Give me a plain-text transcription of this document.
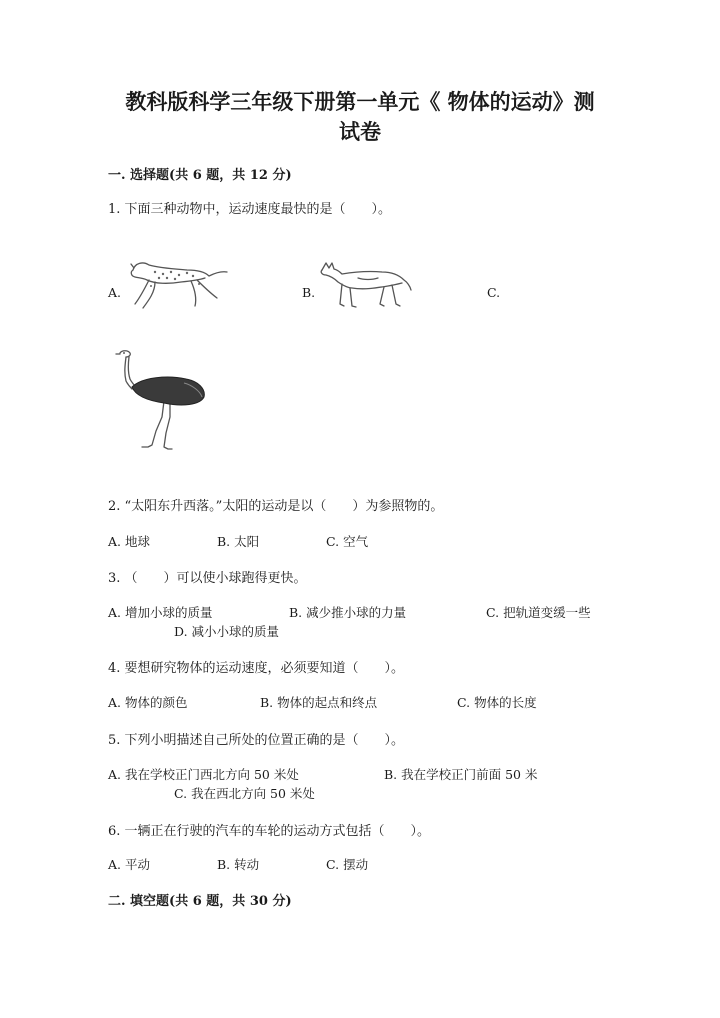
教科版科学三年级下册第一单元《 物体的运动》测
试卷
一. 选择题(共 6 题，共 12 分)
1. 下面三种动物中，运动速度最快的是（　　）。
A.	B.	C.
2. “太阳东升西落。”太阳的运动是以（　　）为参照物的。
A. 地球	B. 太阳	C. 空气
3. （　　）可以使小球跑得更快。
A. 增加小球的质量	B. 减少推小球的力量	C. 把轨道变缓一些
D. 减小小球的质量
4. 要想研究物体的运动速度，必须要知道（　　）。
A. 物体的颜色	B. 物体的起点和终点	C. 物体的长度
5. 下列小明描述自己所处的位置正确的是（　　）。
A. 我在学校正门西北方向 50 米处	B. 我在学校正门前面 50 米
C. 我在西北方向 50 米处
6. 一辆正在行驶的汽车的车轮的运动方式包括（　　）。
A. 平动	B. 转动	C. 摆动
二. 填空题(共 6 题，共 30 分)
